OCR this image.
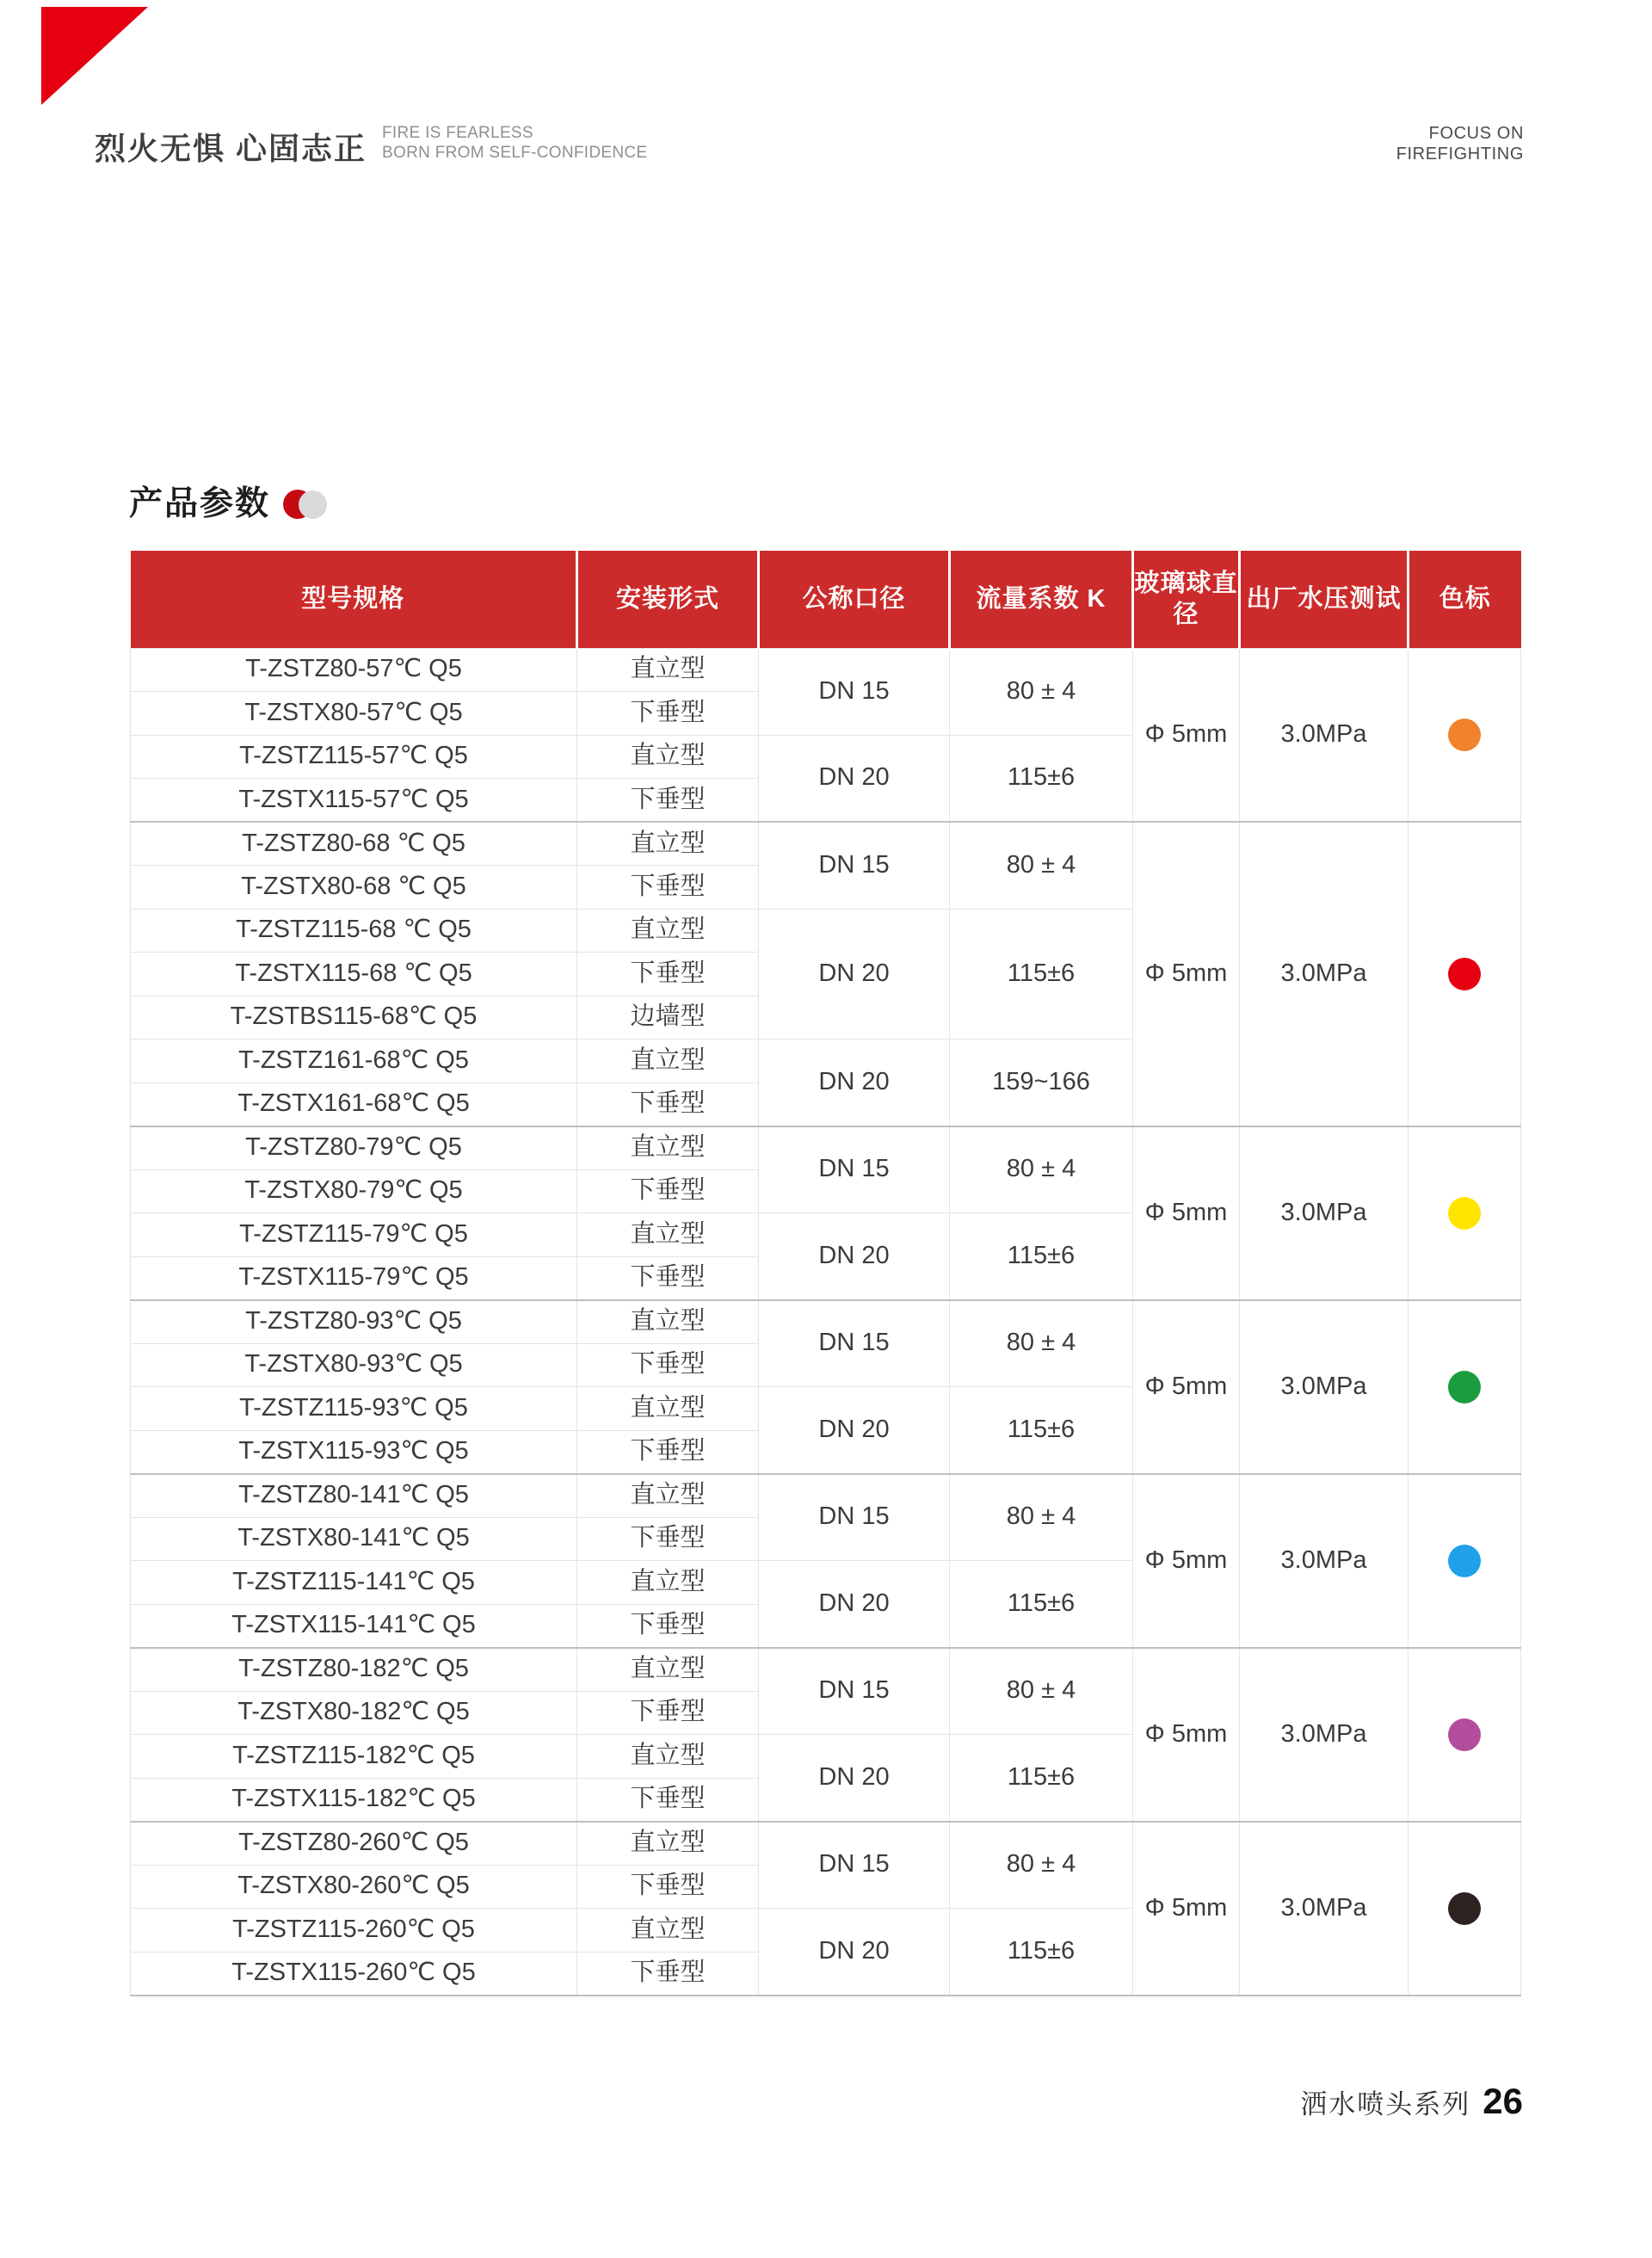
烈火无惧 心固志正 FIRE IS FEARLESS
BORN FROM SELF-CONFIDENCE
FOCUS ON
FIREFIGHTING
产品参数
型号规格	安装形式	公称口径	流量系数 K	玻璃球直径	出厂水压测试	色标
T-ZSTZ80-57℃ Q5	直立型	DN 15	80 ± 4	Φ 5mm	3.0MPa	
T-ZSTX80-57℃ Q5	下垂型					
T-ZSTZ115-57℃ Q5	直立型	DN 20	115±6			
T-ZSTX115-57℃ Q5	下垂型					
T-ZSTZ80-68 ℃ Q5	直立型	DN 15	80 ± 4	Φ 5mm	3.0MPa	
T-ZSTX80-68 ℃ Q5	下垂型					
T-ZSTZ115-68 ℃ Q5	直立型	DN 20	115±6			
T-ZSTX115-68 ℃ Q5	下垂型					
T-ZSTBS115-68℃ Q5	边墙型					
T-ZSTZ161-68℃ Q5	直立型	DN 20	159~166			
T-ZSTX161-68℃ Q5	下垂型					
T-ZSTZ80-79℃ Q5	直立型	DN 15	80 ± 4	Φ 5mm	3.0MPa	
T-ZSTX80-79℃ Q5	下垂型					
T-ZSTZ115-79℃ Q5	直立型	DN 20	115±6			
T-ZSTX115-79℃ Q5	下垂型					
T-ZSTZ80-93℃ Q5	直立型	DN 15	80 ± 4	Φ 5mm	3.0MPa	
T-ZSTX80-93℃ Q5	下垂型					
T-ZSTZ115-93℃ Q5	直立型	DN 20	115±6			
T-ZSTX115-93℃ Q5	下垂型					
T-ZSTZ80-141℃ Q5	直立型	DN 15	80 ± 4	Φ 5mm	3.0MPa	
T-ZSTX80-141℃ Q5	下垂型					
T-ZSTZ115-141℃ Q5	直立型	DN 20	115±6			
T-ZSTX115-141℃ Q5	下垂型					
T-ZSTZ80-182℃ Q5	直立型	DN 15	80 ± 4	Φ 5mm	3.0MPa	
T-ZSTX80-182℃ Q5	下垂型					
T-ZSTZ115-182℃ Q5	直立型	DN 20	115±6			
T-ZSTX115-182℃ Q5	下垂型					
T-ZSTZ80-260℃ Q5	直立型	DN 15	80 ± 4	Φ 5mm	3.0MPa	
T-ZSTX80-260℃ Q5	下垂型					
T-ZSTZ115-260℃ Q5	直立型	DN 20	115±6			
T-ZSTX115-260℃ Q5	下垂型					
洒水喷头系列 26
